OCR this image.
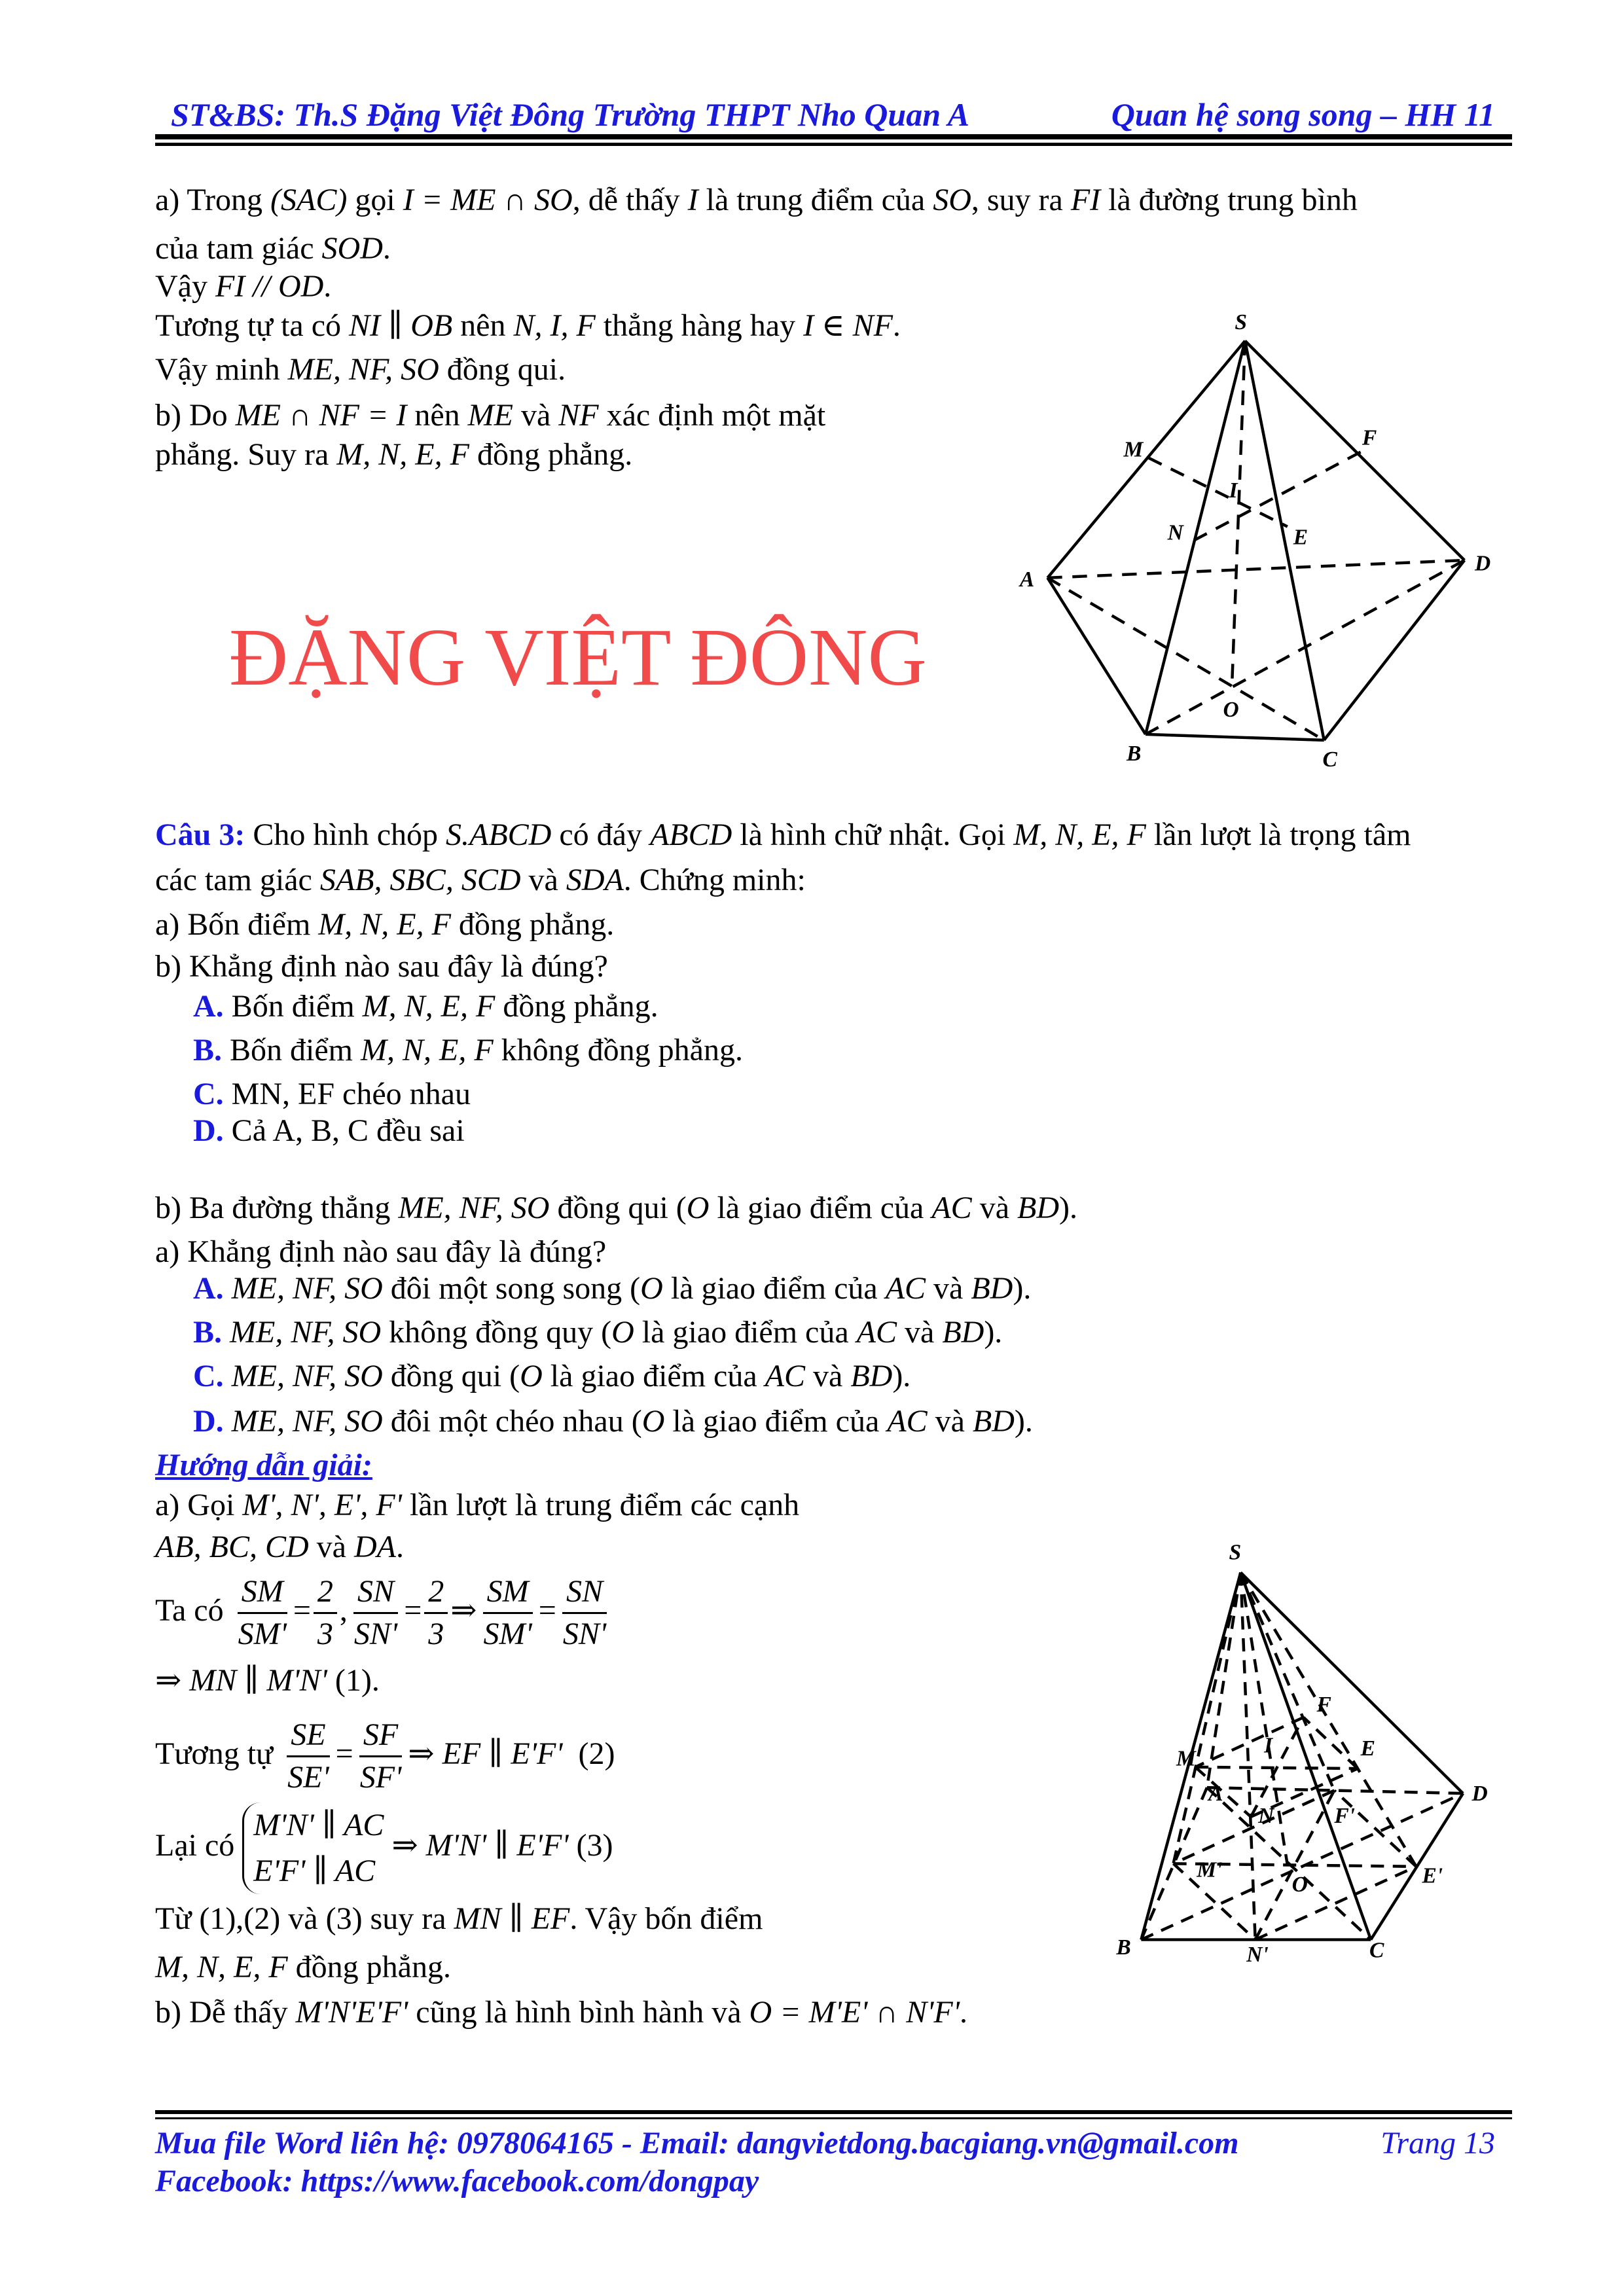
ST&BS: Th.S Đặng Việt Đông Trường THPT Nho Quan A	Quan hệ song song – HH 11
a) Trong (SAC) gọi I = ME ∩ SO, dễ thấy I là trung điểm của SO, suy ra FI là đường trung bình
của tam giác SOD.
Vậy FI // OD.
Tương tự ta có NI ∥ OB nên N, I, F thẳng hàng hay I ∈ NF.
Vậy minh ME, NF, SO đồng qui.
b) Do ME ∩ NF = I nên ME và NF xác định một mặt
phẳng. Suy ra M, N, E, F đồng phẳng.
Câu 3: Cho hình chóp S.ABCD có đáy ABCD là hình chữ nhật. Gọi M, N, E, F lần lượt là trọng tâm
các tam giác SAB, SBC, SCD và SDA. Chứng minh:
a) Bốn điểm M, N, E, F đồng phẳng.
b) Khẳng định nào sau đây là đúng?
A. Bốn điểm M, N, E, F đồng phẳng.
B. Bốn điểm M, N, E, F không đồng phẳng.
C. MN, EF chéo nhau
D. Cả A, B, C đều sai
b) Ba đường thẳng ME, NF, SO đồng qui (O là giao điểm của AC và BD).
a) Khẳng định nào sau đây là đúng?
A. ME, NF, SO đôi một song song (O là giao điểm của AC và BD).
B. ME, NF, SO không đồng quy (O là giao điểm của AC và BD).
C. ME, NF, SO đồng qui (O là giao điểm của AC và BD).
D. ME, NF, SO đôi một chéo nhau (O là giao điểm của AC và BD).
Hướng dẫn giải:
a) Gọi M', N', E', F' lần lượt là trung điểm các cạnh
AB, BC, CD và DA.
Ta có $\frac{SM}{SM'} = \frac{2}{3}$ , $\frac{SN}{SN'} = \frac{2}{3}$ ⇒ $\frac{SM}{SM'} = \frac{SN}{SN'}$
⇒ MN ∥ M'N' (1).
Tương tự $\frac{SE}{SE'} = \frac{SF}{SF'}$ ⇒ EF ∥ E'F' (2)
Lại có
M'N' ∥ AC
E'F' ∥ AC
⇒ M'N' ∥ E'F' (3)
Từ (1),(2) và (3) suy ra MN ∥ EF. Vậy bốn điểm
M, N, E, F đồng phẳng.
b) Dễ thấy M'N'E'F' cũng là hình bình hành và O = M'E' ∩ N'F'.
Mua file Word liên hệ: 0978064165 - Email: dangvietdong.bacgiang.vn@gmail.com	Trang 13
Facebook: https://www.facebook.com/dongpay
S
M	F
I
N	E
A
D
O
B	C
S
F
M
I	E
D
A
N	F'
M'
O	E'
B	N'	C
ĐẶNG VIỆT ĐÔNG
